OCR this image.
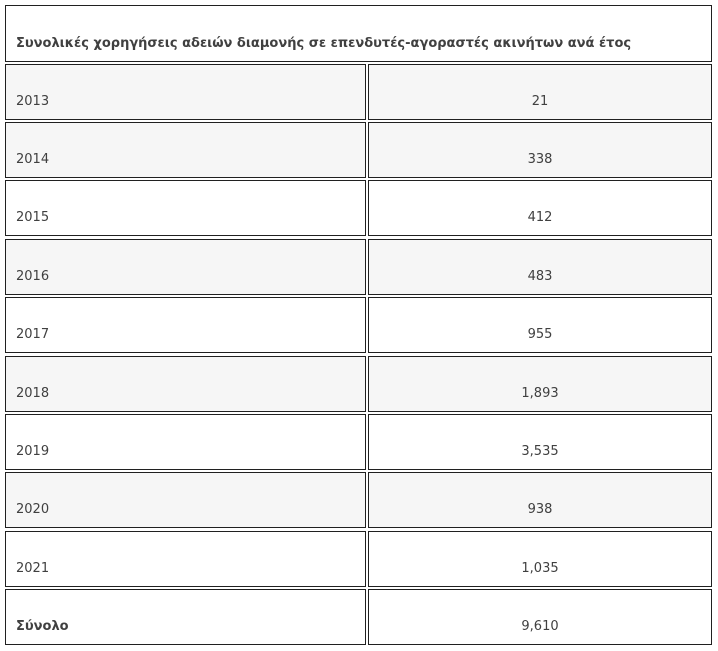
Συνολικές χορηγήσεις αδειών διαμονής σε επενδυτές-αγοραστές ακινήτων ανά έτος
2013	21
2014	338
2015	412
2016	483
2017	955
2018	1,893
2019	3,535
2020	938
2021	1,035
Σύνολο	9,610
